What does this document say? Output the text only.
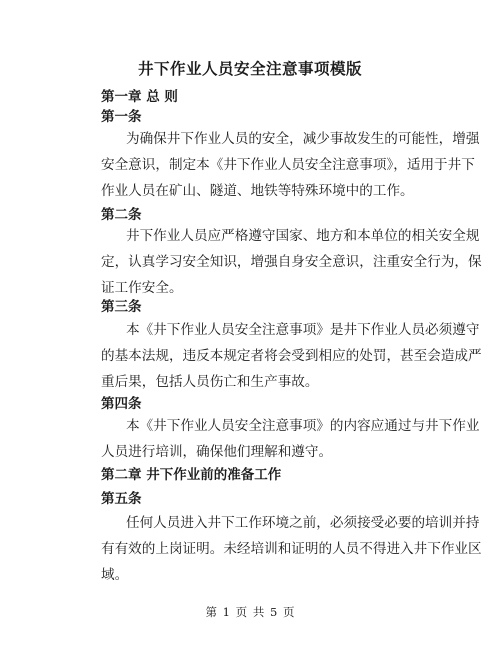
井下作业人员安全注意事项模版
第一章 总 则
第一条
为确保井下作业人员的安全，减少事故发生的可能性，增强
安全意识，制定本《井下作业人员安全注意事项》，适用于井下
作业人员在矿山、隧道、地铁等特殊环境中的工作。
第二条
井下作业人员应严格遵守国家、地方和本单位的相关安全规
定，认真学习安全知识，增强自身安全意识，注重安全行为，保
证工作安全。
第三条
本《井下作业人员安全注意事项》是井下作业人员必须遵守
的基本法规，违反本规定者将会受到相应的处罚，甚至会造成严
重后果，包括人员伤亡和生产事故。
第四条
本《井下作业人员安全注意事项》的内容应通过与井下作业
人员进行培训，确保他们理解和遵守。
第二章 井下作业前的准备工作
第五条
任何人员进入井下工作环境之前，必须接受必要的培训并持
有有效的上岗证明。未经培训和证明的人员不得进入井下作业区
域。
第 1 页 共 5 页
